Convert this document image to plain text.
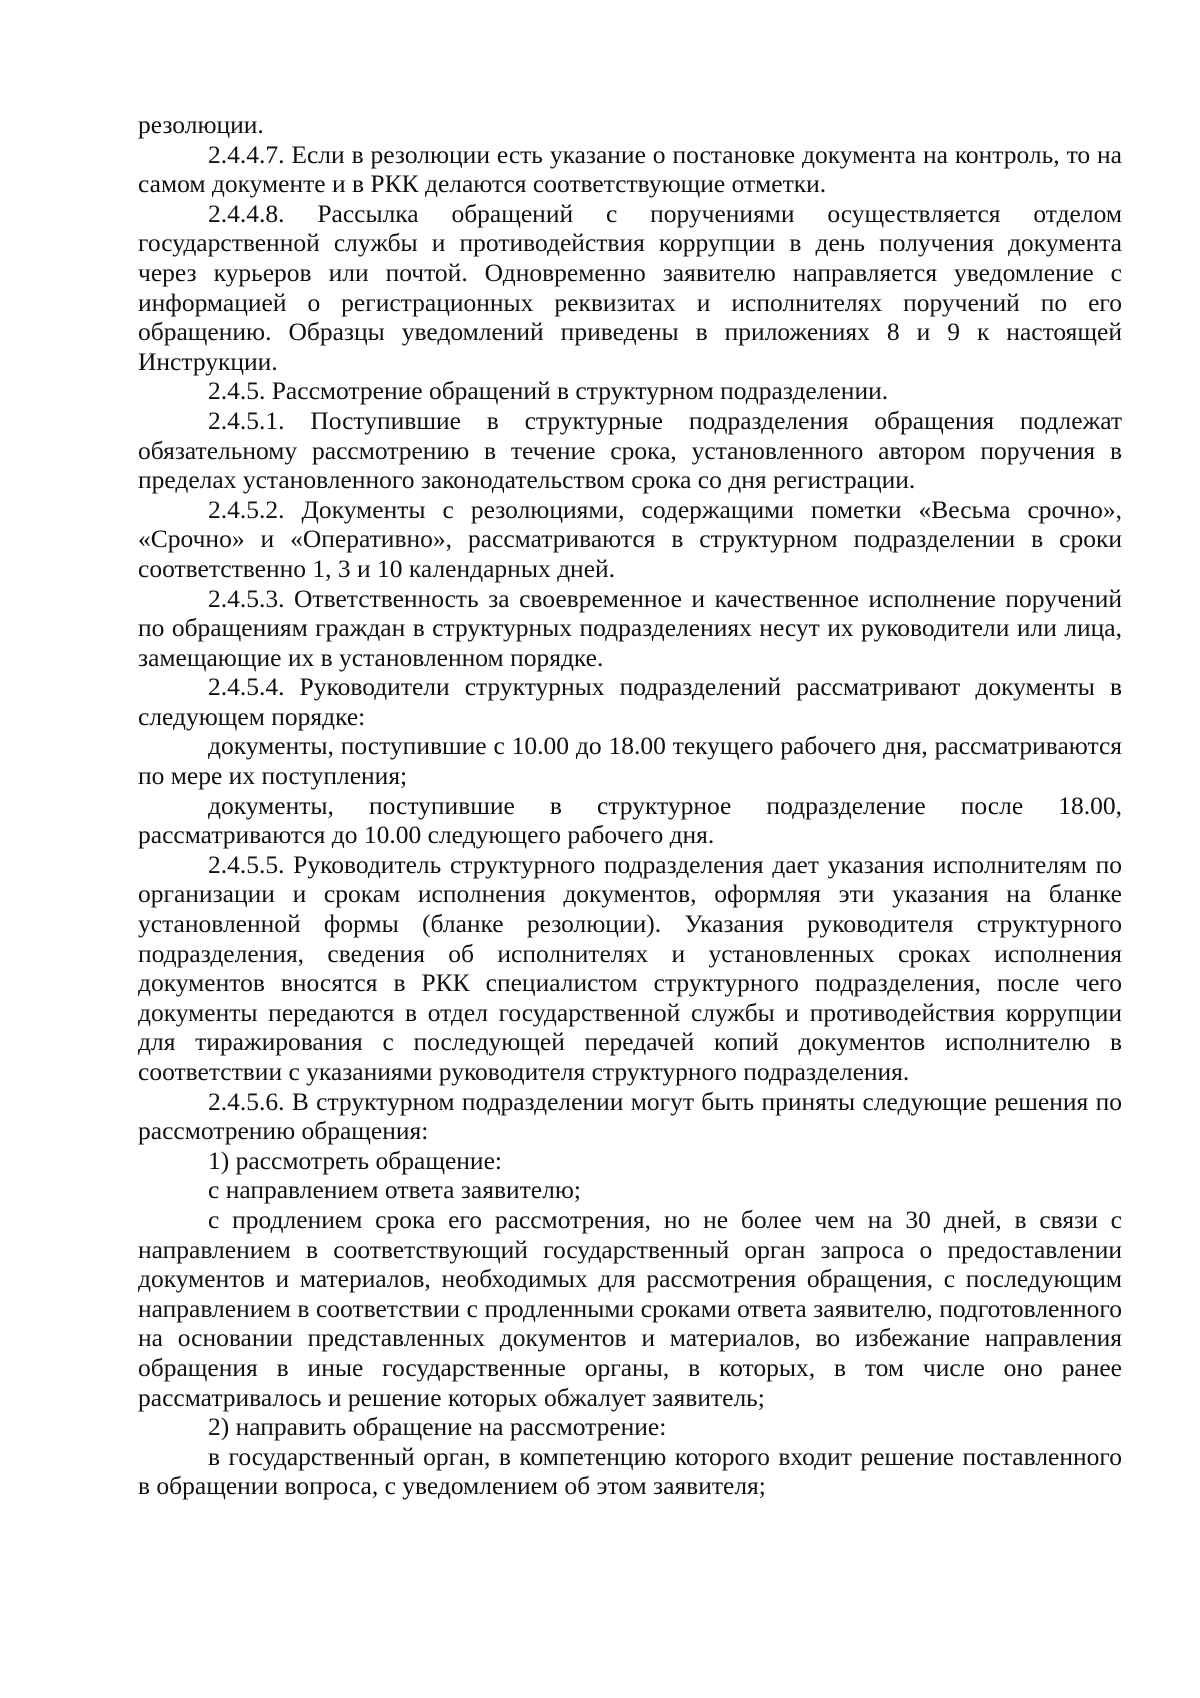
резолюции.

2.4.4.7. Если в резолюции есть указание о постановке документа на контроль, то на самом документе и в РКК делаются соответствующие отметки.

2.4.4.8. Рассылка обращений с поручениями осуществляется отделом государственной службы и противодействия коррупции в день получения документа через курьеров или почтой. Одновременно заявителю направляется уведомление с информацией о регистрационных реквизитах и исполнителях поручений по его обращению. Образцы уведомлений приведены в приложениях 8 и 9 к настоящей Инструкции.

2.4.5. Рассмотрение обращений в структурном подразделении.

2.4.5.1. Поступившие в структурные подразделения обращения подлежат обязательному рассмотрению в течение срока, установленного автором поручения в пределах установленного законодательством срока со дня регистрации.

2.4.5.2. Документы с резолюциями, содержащими пометки «Весьма срочно», «Срочно» и «Оперативно», рассматриваются в структурном подразделении в сроки соответственно 1, 3 и 10 календарных дней.

2.4.5.3. Ответственность за своевременное и качественное исполнение поручений по обращениям граждан в структурных подразделениях несут их руководители или лица, замещающие их в установленном порядке.

2.4.5.4. Руководители структурных подразделений рассматривают документы в следующем порядке:

документы, поступившие с 10.00 до 18.00 текущего рабочего дня, рассматриваются по мере их поступления;

документы, поступившие в структурное подразделение после 18.00, рассматриваются до 10.00 следующего рабочего дня.

2.4.5.5. Руководитель структурного подразделения дает указания исполнителям по организации и срокам исполнения документов, оформляя эти указания на бланке установленной формы (бланке резолюции). Указания руководителя структурного подразделения, сведения об исполнителях и установленных сроках исполнения документов вносятся в РКК специалистом структурного подразделения, после чего документы передаются в отдел государственной службы и противодействия коррупции для тиражирования с последующей передачей копий документов исполнителю в соответствии с указаниями руководителя структурного подразделения.

2.4.5.6. В структурном подразделении могут быть приняты следующие решения по рассмотрению обращения:

1) рассмотреть обращение:

с направлением ответа заявителю;

с продлением срока его рассмотрения, но не более чем на 30 дней, в связи с направлением в соответствующий государственный орган запроса о предоставлении документов и материалов, необходимых для рассмотрения обращения, с последующим направлением в соответствии с продленными сроками ответа заявителю, подготовленного на основании представленных документов и материалов, во избежание направления обращения в иные государственные органы, в которых, в том числе оно ранее рассматривалось и решение которых обжалует заявитель;

2) направить обращение на рассмотрение:

в государственный орган, в компетенцию которого входит решение поставленного в обращении вопроса, с уведомлением об этом заявителя;
